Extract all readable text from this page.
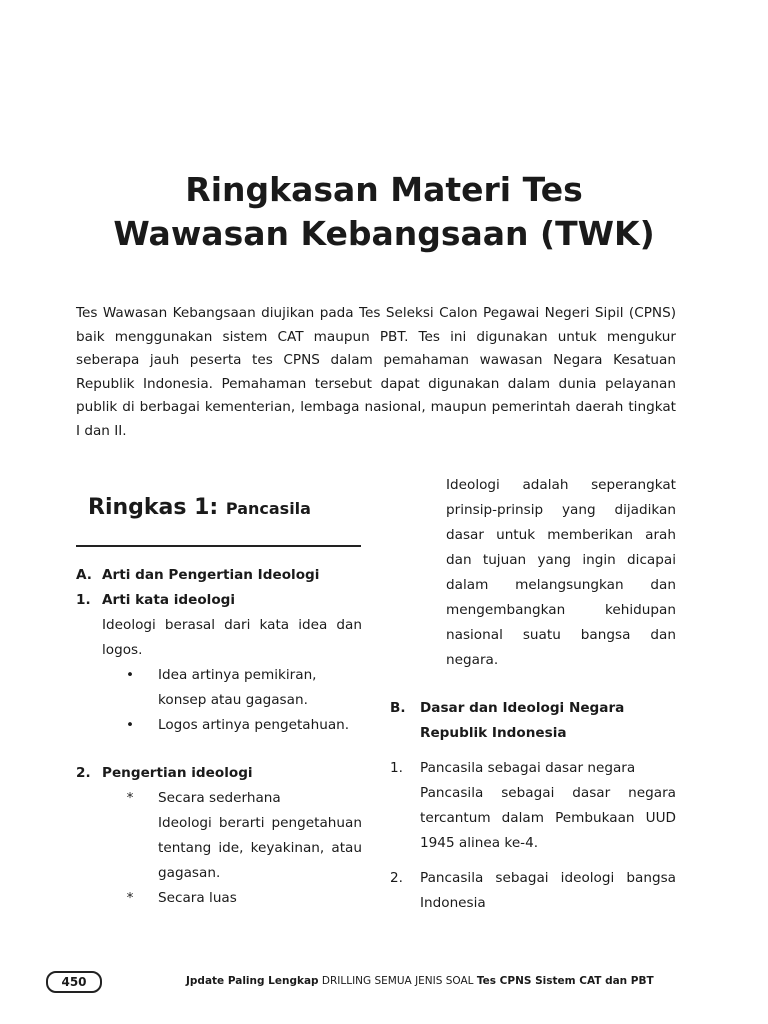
Ringkasan Materi Tes
Wawasan Kebangsaan (TWK)

Tes Wawasan Kebangsaan diujikan pada Tes Seleksi Calon Pegawai Negeri Sipil (CPNS) baik menggunakan sistem CAT maupun PBT. Tes ini digunakan untuk mengukur seberapa jauh peserta tes CPNS dalam pemahaman wawasan Negara Kesatuan Republik Indonesia. Pemahaman tersebut dapat digunakan dalam dunia pelayanan publik di berbagai kementerian, lembaga nasional, maupun pemerintah daerah tingkat I dan II.

Ringkas 1: Pancasila
A. Arti dan Pengertian Ideologi
1. Arti kata ideologi

Ideologi berasal dari kata idea dan logos.

•	Idea artinya pemikiran, konsep atau gagasan.
•	Logos artinya pengetahuan.
2. Pengertian ideologi
*	Secara sederhana

Ideologi berarti pengetahuan tentang ide, keyakinan, atau gagasan.

*	Secara luas

Ideologi adalah seperangkat prinsip-prinsip yang dijadikan dasar untuk memberikan arah dan tujuan yang ingin dicapai dalam melangsungkan dan mengembangkan kehidupan nasional suatu bangsa dan negara.

B.	Dasar dan Ideologi Negara
Republik Indonesia
1.	Pancasila sebagai dasar negara
Pancasila sebagai dasar negara tercantum dalam Pembukaan UUD 1945 alinea ke-4.
2.	Pancasila sebagai ideologi bangsa Indonesia
450	Jpdate Paling Lengkap DRILLING SEMUA JENIS SOAL Tes CPNS Sistem CAT dan PBT
